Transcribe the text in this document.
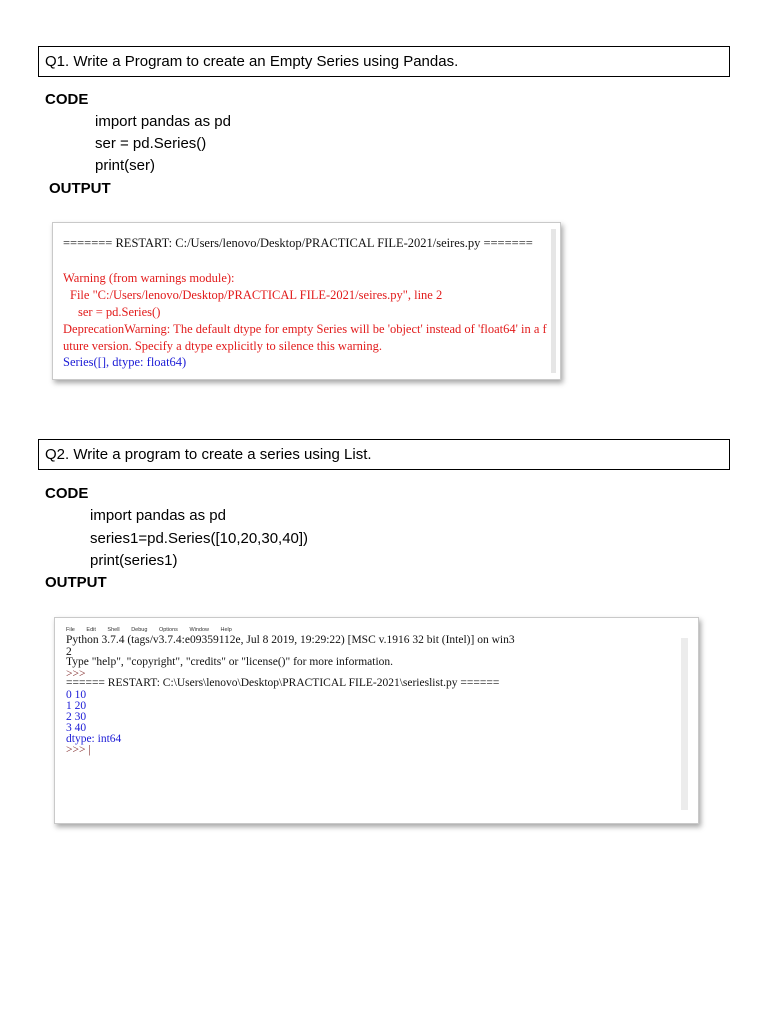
Q1. Write a Program to create an Empty Series using Pandas.
CODE
import pandas as pd
ser = pd.Series()
print(ser)
OUTPUT
======= RESTART: C:/Users/lenovo/Desktop/PRACTICAL FILE-2021/seires.py =======
Warning (from warnings module):
File "C:/Users/lenovo/Desktop/PRACTICAL FILE-2021/seires.py", line 2
ser = pd.Series()
DeprecationWarning: The default dtype for empty Series will be 'object' instead of 'float64' in a f
uture version. Specify a dtype explicitly to silence this warning.
Series([], dtype: float64)
Q2. Write a program to create a series using List.
CODE
import pandas as pd
series1=pd.Series([10,20,30,40])
print(series1)
OUTPUT
File Edit Shell Debug Options Window Help
Python 3.7.4 (tags/v3.7.4:e09359112e, Jul 8 2019, 19:29:22) [MSC v.1916 32 bit (Intel)] on win3
2
Type "help", "copyright", "credits" or "license()" for more information.
>>>
====== RESTART: C:\Users\lenovo\Desktop\PRACTICAL FILE-2021\serieslist.py ======
0 10
1 20
2 30
3 40
dtype: int64
>>> |
